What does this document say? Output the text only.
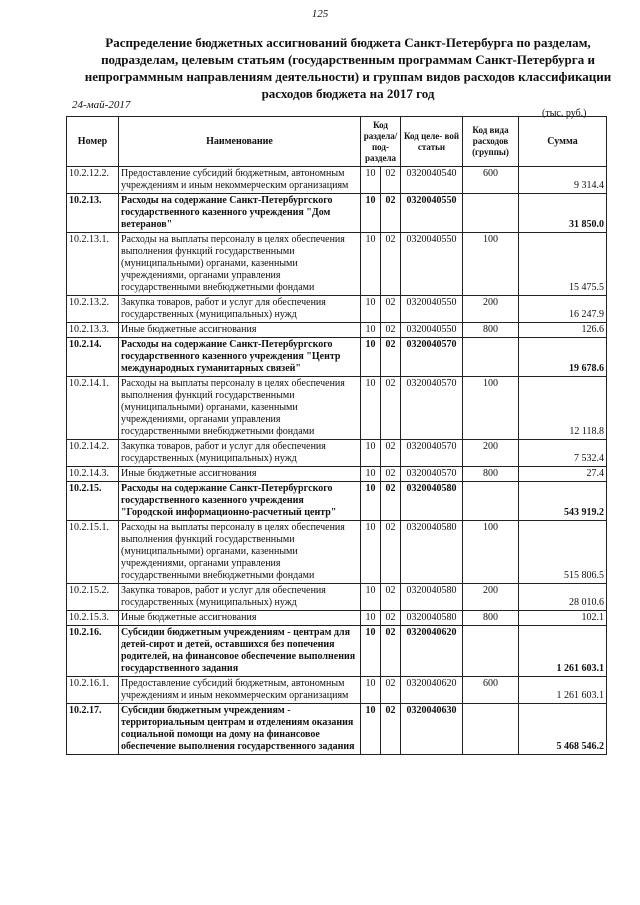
125
Распределение бюджетных ассигнований бюджета Санкт-Петербурга по разделам, подразделам, целевым статьям (государственным программам Санкт-Петербурга и непрограммным направлениям деятельности) и группам видов расходов классификации расходов бюджета на 2017 год
24-май-2017
(тыс. руб.)
Номер	Наименование	Код раздела/ под- раздела		Код целе- вой статьи	Код вида расходов (группы)	Сумма
10.2.12.2.	Предоставление субсидий бюджетным, автономным учреждениям и иным некоммерческим организациям	10	02	0320040540	600	9 314.4
10.2.13.	Расходы на содержание Санкт-Петербургского государственного казенного учреждения "Дом ветеранов"	10	02	0320040550		31 850.0
10.2.13.1.	Расходы на выплаты персоналу в целях обеспечения выполнения функций государственными (муниципальными) органами, казенными учреждениями, органами управления государственными внебюджетными фондами	10	02	0320040550	100	15 475.5
10.2.13.2.	Закупка товаров, работ и услуг для обеспечения государственных (муниципальных) нужд	10	02	0320040550	200	16 247.9
10.2.13.3.	Иные бюджетные ассигнования	10	02	0320040550	800	126.6
10.2.14.	Расходы на содержание Санкт-Петербургского государственного казенного учреждения "Центр международных гуманитарных связей"	10	02	0320040570		19 678.6
10.2.14.1.	Расходы на выплаты персоналу в целях обеспечения выполнения функций государственными (муниципальными) органами, казенными учреждениями, органами управления государственными внебюджетными фондами	10	02	0320040570	100	12 118.8
10.2.14.2.	Закупка товаров, работ и услуг для обеспечения государственных (муниципальных) нужд	10	02	0320040570	200	7 532.4
10.2.14.3.	Иные бюджетные ассигнования	10	02	0320040570	800	27.4
10.2.15.	Расходы на содержание Санкт-Петербургского государственного казенного учреждения "Городской информационно-расчетный центр"	10	02	0320040580		543 919.2
10.2.15.1.	Расходы на выплаты персоналу в целях обеспечения выполнения функций государственными (муниципальными) органами, казенными учреждениями, органами управления государственными внебюджетными фондами	10	02	0320040580	100	515 806.5
10.2.15.2.	Закупка товаров, работ и услуг для обеспечения государственных (муниципальных) нужд	10	02	0320040580	200	28 010.6
10.2.15.3.	Иные бюджетные ассигнования	10	02	0320040580	800	102.1
10.2.16.	Субсидии бюджетным учреждениям - центрам для детей-сирот и детей, оставшихся без попечения родителей, на финансовое обеспечение выполнения государственного задания	10	02	0320040620		1 261 603.1
10.2.16.1.	Предоставление субсидий бюджетным, автономным учреждениям и иным некоммерческим организациям	10	02	0320040620	600	1 261 603.1
10.2.17.	Субсидии бюджетным учреждениям - территориальным центрам и отделениям оказания социальной помощи на дому на финансовое обеспечение выполнения государственного задания	10	02	0320040630		5 468 546.2
